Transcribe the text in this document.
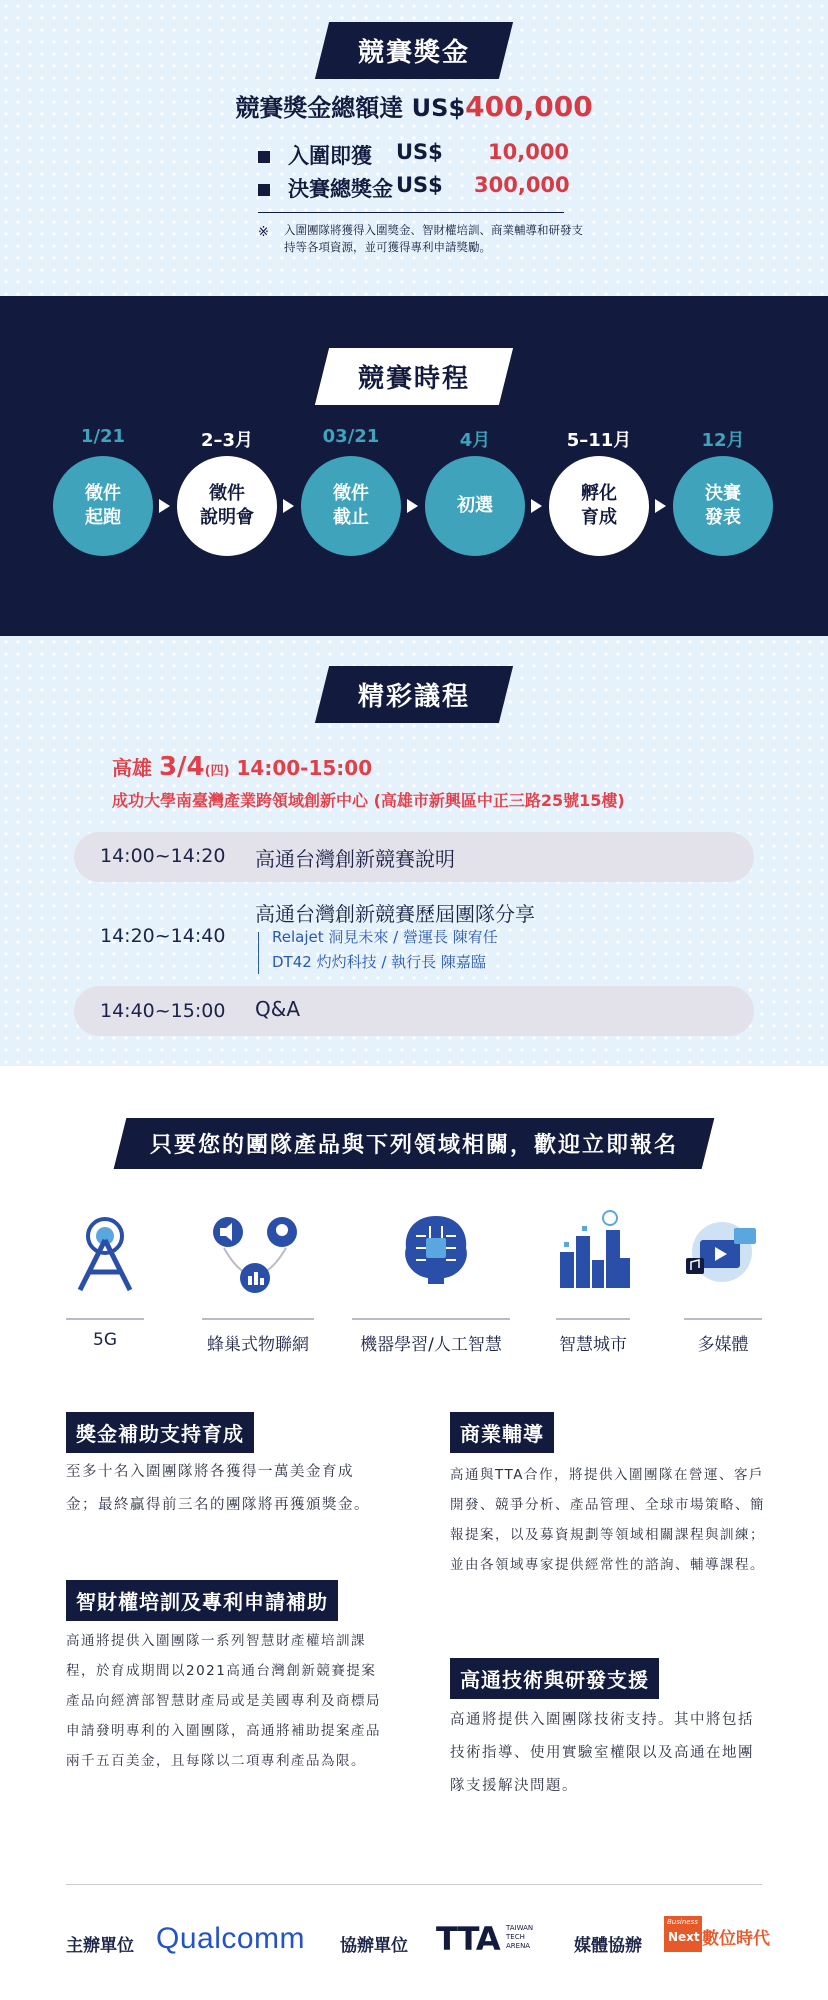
競賽獎金
競賽獎金總額達 US$400,000
入圍即獲 US$ 10,000
決賽總獎金 US$ 300,000
※ 入圍團隊將獲得入圍獎金、智財權培訓、商業輔導和研發支持等各項資源，並可獲得專利申請獎勵。
競賽時程
1/21
徵件
起跑
2–3月
徵件
說明會
03/21
徵件
截止
4月
初選
5–11月
孵化
育成
12月
決賽
發表
精彩議程
高雄 3/4(四) 14:00-15:00
成功大學南臺灣產業跨領域創新中心 (高雄市新興區中正三路25號15樓)
14:00~14:20 高通台灣創新競賽說明
14:20~14:40
高通台灣創新競賽歷屆團隊分享
Relajet 洞見未來 / 營運長 陳宥任
DT42 灼灼科技 / 執行長 陳嘉臨
14:40~15:00 Q&A
只要您的團隊產品與下列領域相關，歡迎立即報名
5G	蜂巢式物聯網	機器學習/人工智慧	智慧城市	多媒體
獎金補助支持育成
至多十名入圍團隊將各獲得一萬美金育成金；最終贏得前三名的團隊將再獲頒獎金。
智財權培訓及專利申請補助
高通將提供入圍團隊一系列智慧財產權培訓課程，於育成期間以2021高通台灣創新競賽提案產品向經濟部智慧財產局或是美國專利及商標局申請發明專利的入圍團隊，高通將補助提案產品兩千五百美金，且每隊以二項專利產品為限。
商業輔導
高通與TTA合作，將提供入圍團隊在營運、客戶開發、競爭分析、產品管理、全球市場策略、簡報提案，以及募資規劃等領域相關課程與訓練；並由各領域專家提供經常性的諮詢、輔導課程。
高通技術與研發支援
高通將提供入圍團隊技術支持。其中將包括技術指導、使用實驗室權限以及高通在地團隊支援解決問題。
主辦單位 Qualcomm 協辦單位 TTA TAIWAN
TECH
ARENA	媒體協辦
Business
Next 數位時代
